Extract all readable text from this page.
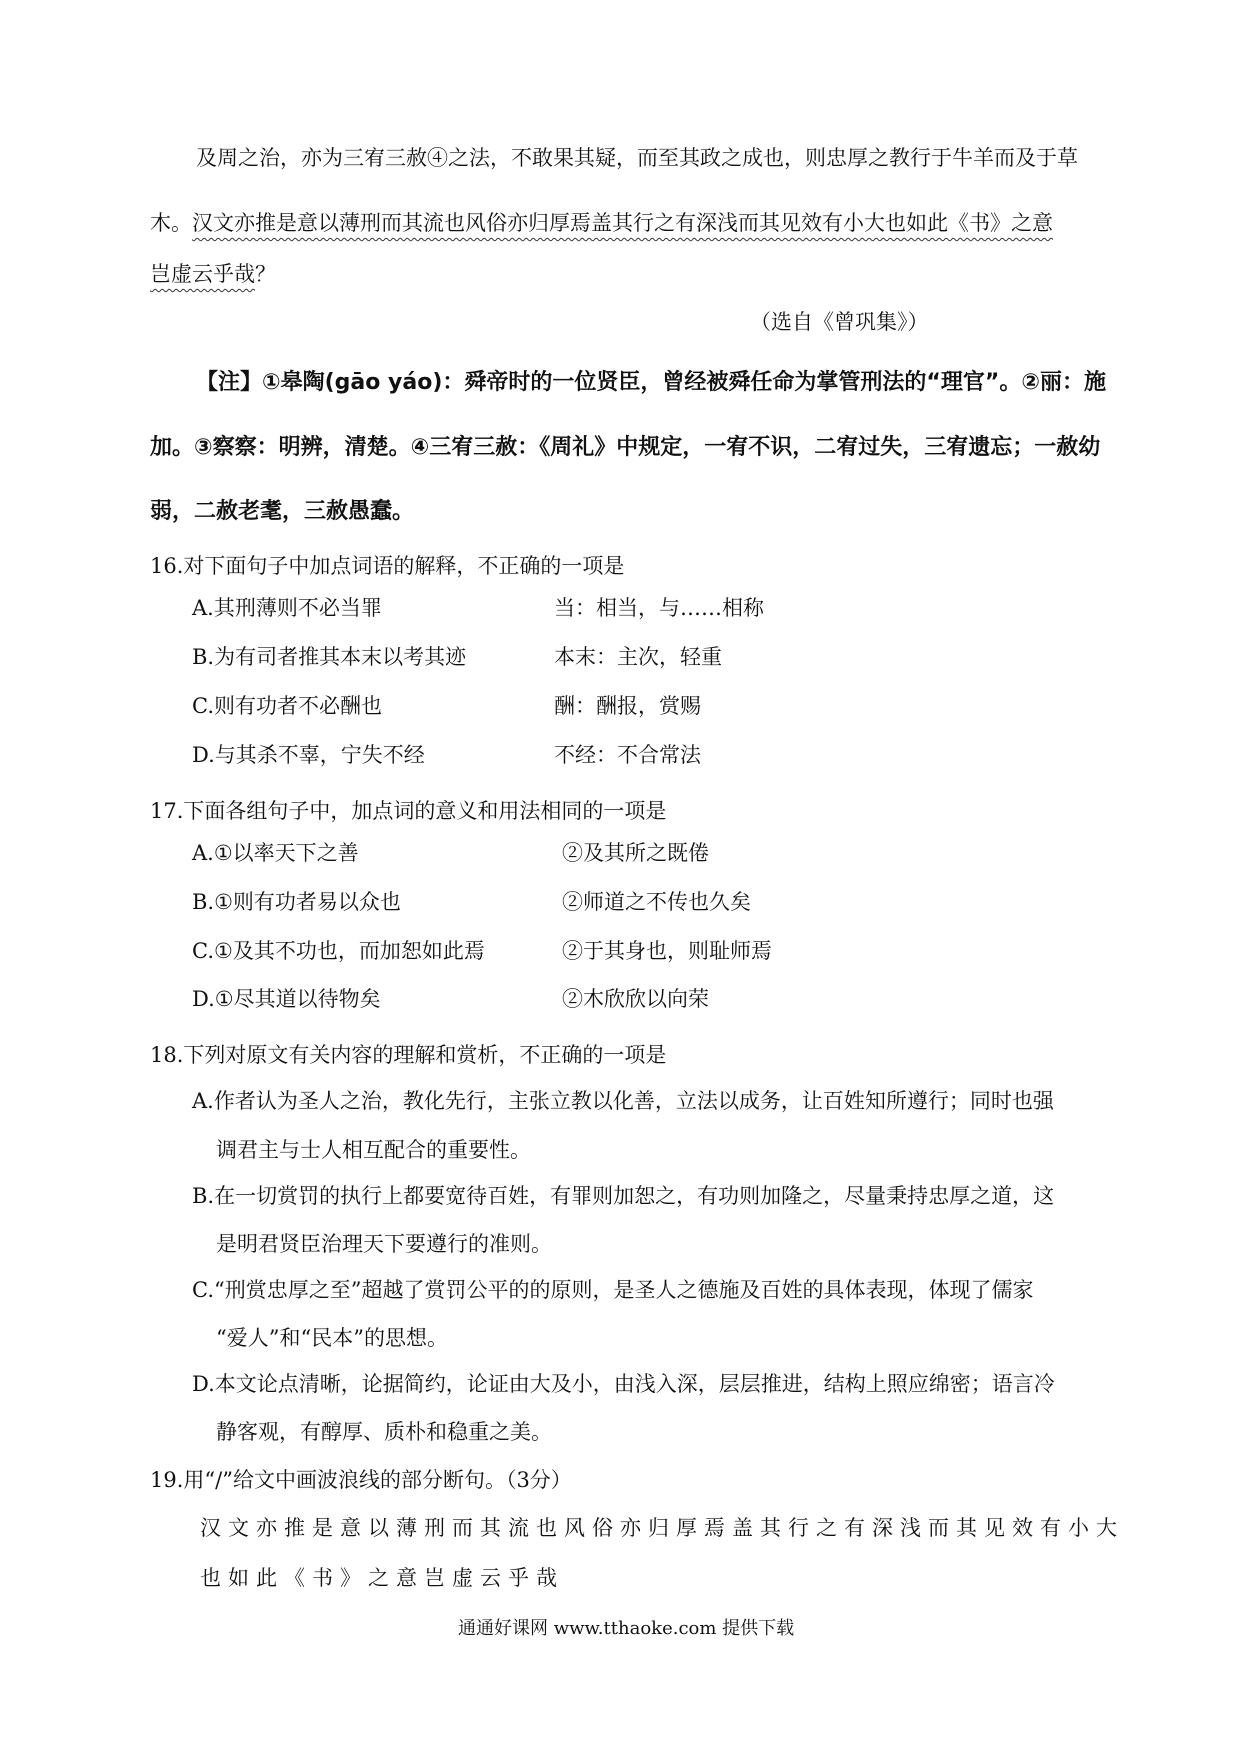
及周之治，亦为三宥三赦④之法，不敢果其疑，而至其政之成也，则忠厚之教行于牛羊而及于草
木。汉文亦推是意以薄刑而其流也风俗亦归厚焉盖其行之有深浅而其见效有小大也如此《书》之意
岂虚云乎哉？
（选自《曾巩集》）
【注】①皋陶(gāo yáo)：舜帝时的一位贤臣，曾经被舜任命为掌管刑法的“理官”。②丽：施
加。③察察：明辨，清楚。④三宥三赦：《周礼》中规定，一宥不识，二宥过失，三宥遗忘；一赦幼
弱，二赦老耄，三赦愚蠢。
16.对下面句子中加点词语的解释，不正确的一项是
A.其刑薄则不必当罪	当：相当，与……相称
B.为有司者推其本末以考其迹	本末：主次，轻重
C.则有功者不必酬也	酬：酬报，赏赐
D.与其杀不辜，宁失不经	不经：不合常法
17.下面各组句子中，加点词的意义和用法相同的一项是
A.①以率天下之善	②及其所之既倦
B.①则有功者易以众也	②师道之不传也久矣
C.①及其不功也，而加恕如此焉	②于其身也，则耻师焉
D.①尽其道以待物矣	②木欣欣以向荣
18.下列对原文有关内容的理解和赏析，不正确的一项是
A.作者认为圣人之治，教化先行，主张立教以化善，立法以成务，让百姓知所遵行；同时也强
调君主与士人相互配合的重要性。
B.在一切赏罚的执行上都要宽待百姓，有罪则加恕之，有功则加隆之，尽量秉持忠厚之道，这
是明君贤臣治理天下要遵行的准则。
C.“刑赏忠厚之至”超越了赏罚公平的的原则，是圣人之德施及百姓的具体表现，体现了儒家
“爱人”和“民本”的思想。
D.本文论点清晰，论据简约，论证由大及小，由浅入深，层层推进，结构上照应绵密；语言冷
静客观，有醇厚、质朴和稳重之美。
19.用“/”给文中画波浪线的部分断句。（3分）
汉文亦推是意以薄刑而其流也风俗亦归厚焉盖其行之有深浅而其见效有小大
也如此《书》之意岂虚云乎哉
通通好课网 www.tthaoke.com 提供下载
